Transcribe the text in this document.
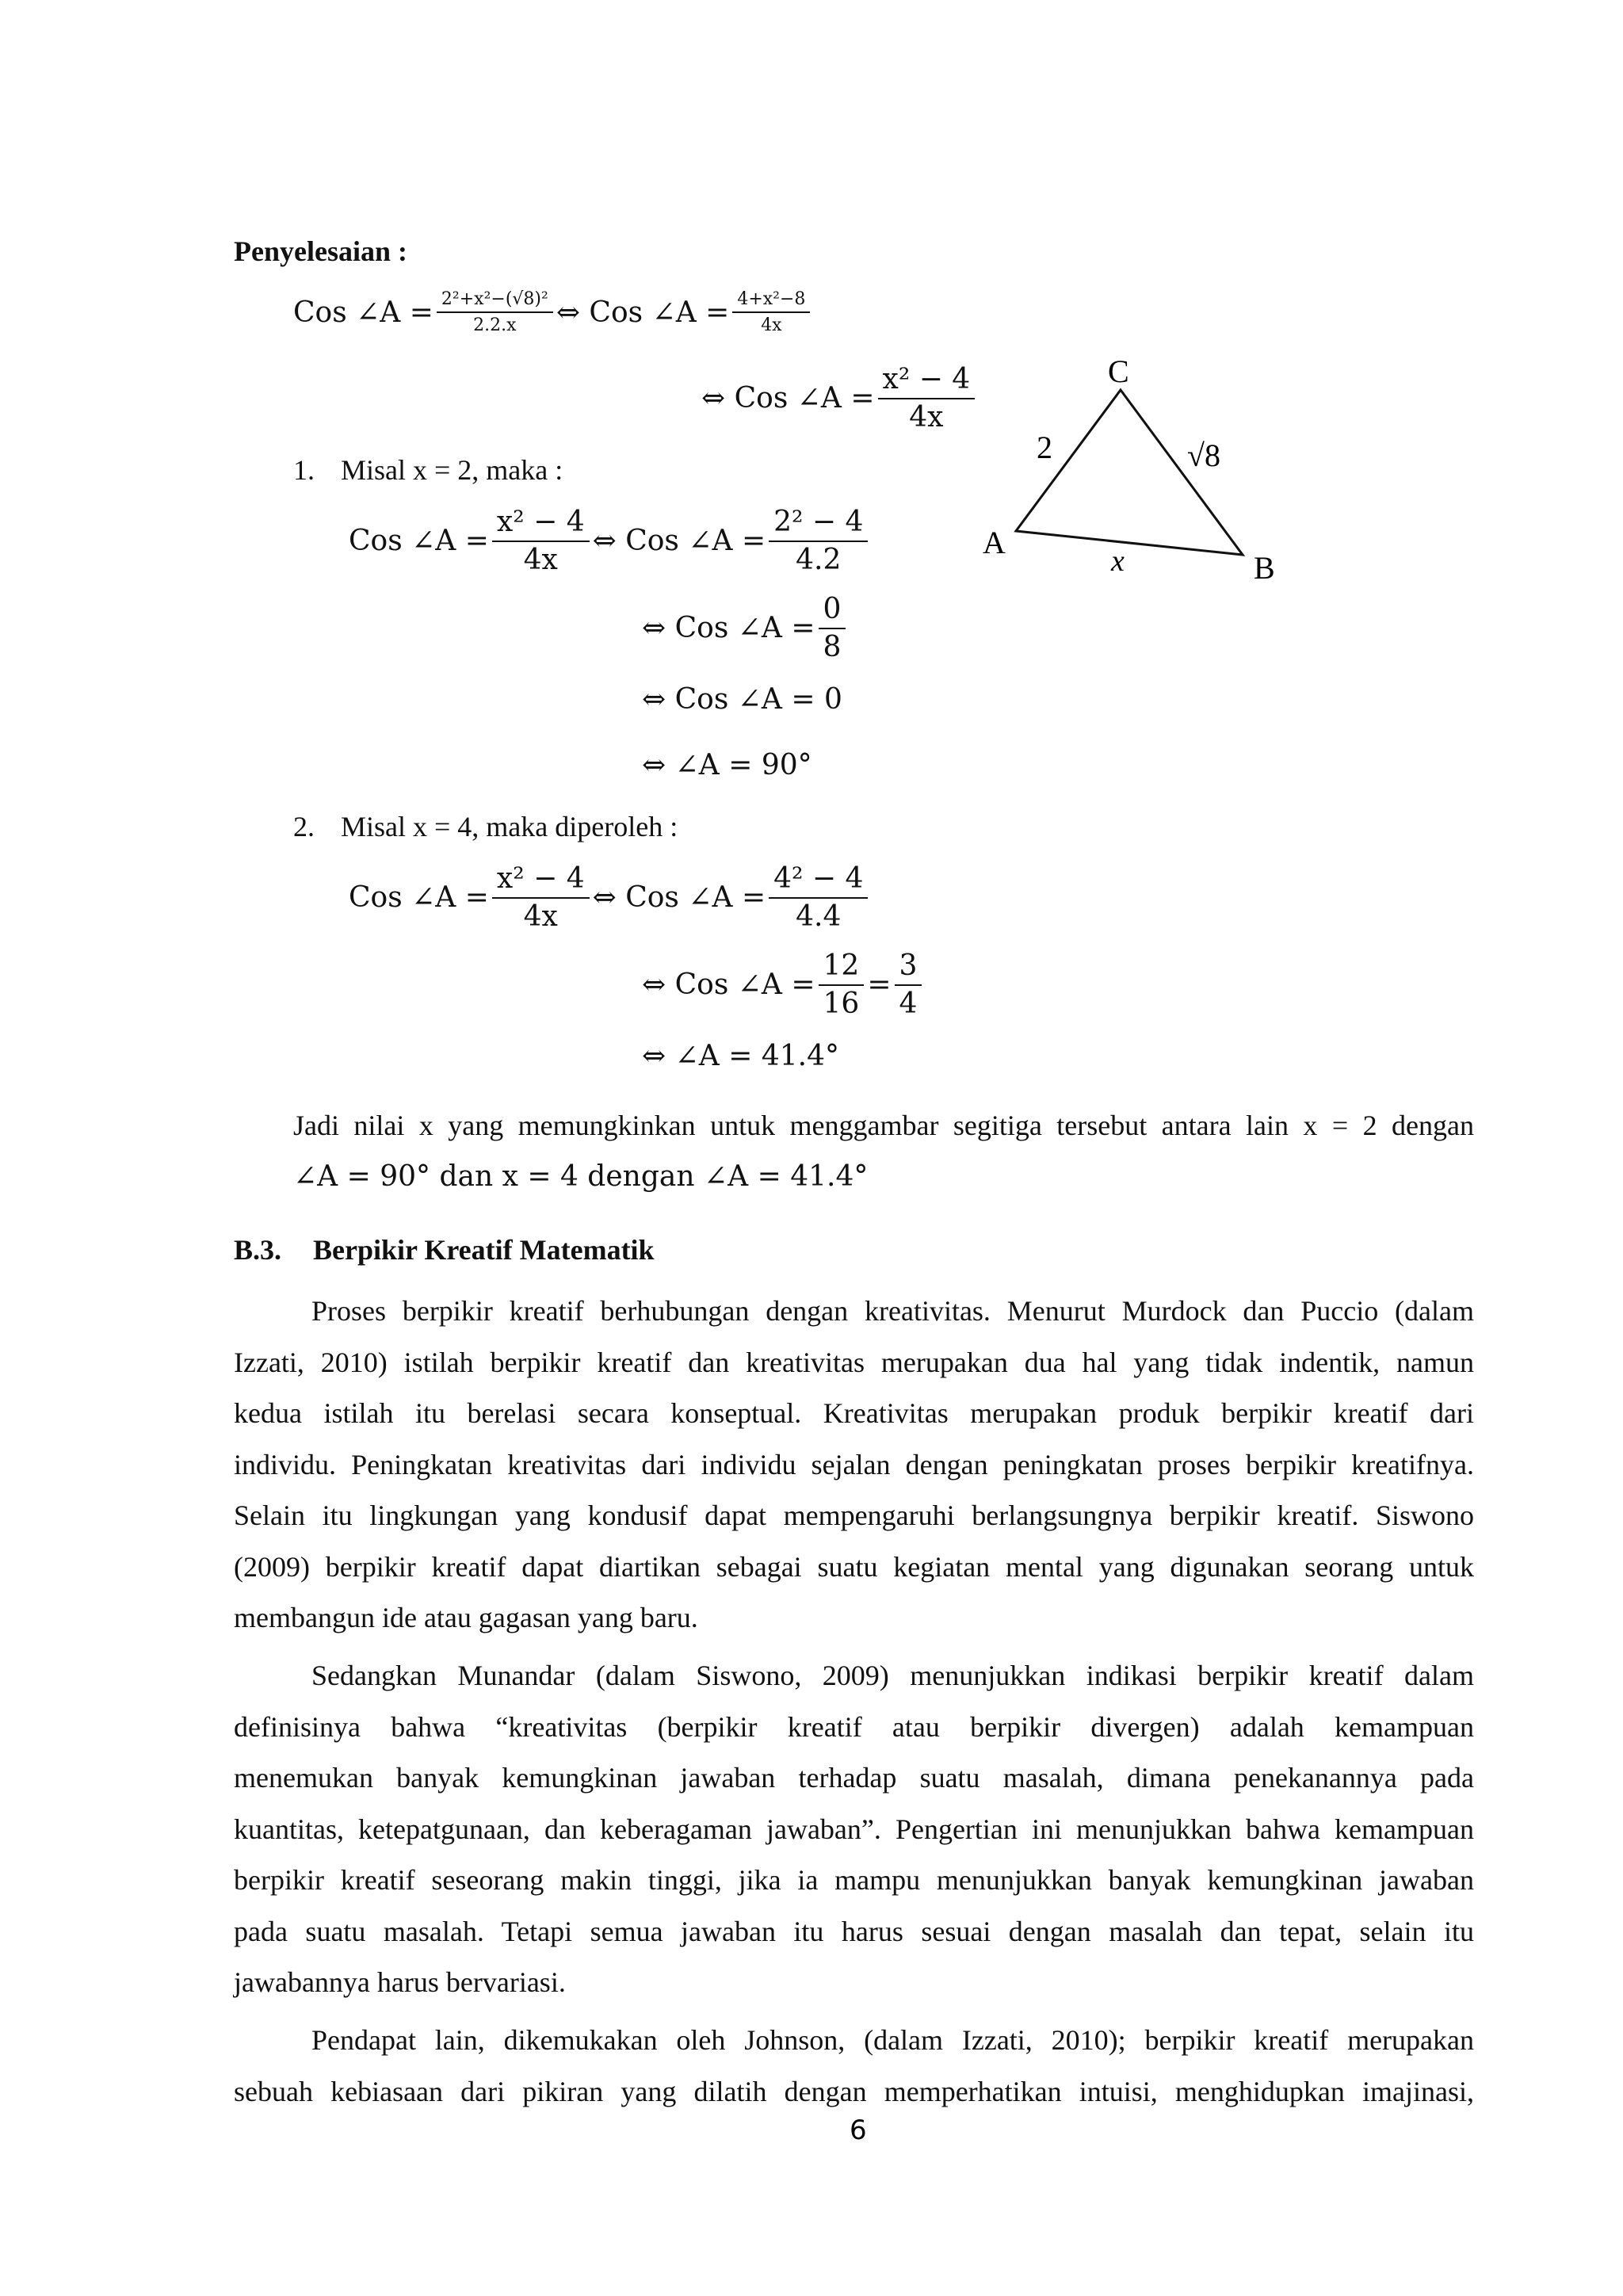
Penyelesaian :
Cos ∠A = $\frac{\text{2²+x²−(√8)²}}{2.2.x}$ ⇔ Cos ∠A = $\frac{\text{4+x²−8}}{4x}$
⇔ Cos ∠A = $\frac{\text{x² − 4}}{4x}$	C
A
B
2	√8
x
1. Misal x = 2, maka :
Cos ∠A = $\frac{\text{x² − 4}}{4x}$ ⇔ Cos ∠A = $\frac{\text{2² − 4}}{4.2}$
⇔ Cos ∠A = $\frac{0}{8}$
⇔ Cos ∠A = 0
⇔ ∠A = 90°
2. Misal x = 4, maka diperoleh :
Cos ∠A = $\frac{\text{x² − 4}}{4x}$ ⇔ Cos ∠A = $\frac{\text{4² − 4}}{4.4}$
⇔ Cos ∠A = $\frac{12}{16} = \frac{3}{4}$
⇔ ∠A = 41.4°
Jadi nilai x yang memungkinkan untuk menggambar segitiga tersebut antara lain x = 2 dengan
∠A = 90° dan x = 4 dengan ∠A = 41.4°
B.3. Berpikir Kreatif Matematik
Proses berpikir kreatif berhubungan dengan kreativitas. Menurut Murdock dan Puccio (dalam
Izzati, 2010) istilah berpikir kreatif dan kreativitas merupakan dua hal yang tidak indentik, namun
kedua istilah itu berelasi secara konseptual. Kreativitas merupakan produk berpikir kreatif dari
individu. Peningkatan kreativitas dari individu sejalan dengan peningkatan proses berpikir kreatifnya.
Selain itu lingkungan yang kondusif dapat mempengaruhi berlangsungnya berpikir kreatif. Siswono
(2009) berpikir kreatif dapat diartikan sebagai suatu kegiatan mental yang digunakan seorang untuk
membangun ide atau gagasan yang baru.
Sedangkan Munandar (dalam Siswono, 2009) menunjukkan indikasi berpikir kreatif dalam
definisinya bahwa “kreativitas (berpikir kreatif atau berpikir divergen) adalah kemampuan
menemukan banyak kemungkinan jawaban terhadap suatu masalah, dimana penekanannya pada
kuantitas, ketepatgunaan, dan keberagaman jawaban”. Pengertian ini menunjukkan bahwa kemampuan
berpikir kreatif seseorang makin tinggi, jika ia mampu menunjukkan banyak kemungkinan jawaban
pada suatu masalah. Tetapi semua jawaban itu harus sesuai dengan masalah dan tepat, selain itu
jawabannya harus bervariasi.
Pendapat lain, dikemukakan oleh Johnson, (dalam Izzati, 2010); berpikir kreatif merupakan
sebuah kebiasaan dari pikiran yang dilatih dengan memperhatikan intuisi, menghidupkan imajinasi,
6
